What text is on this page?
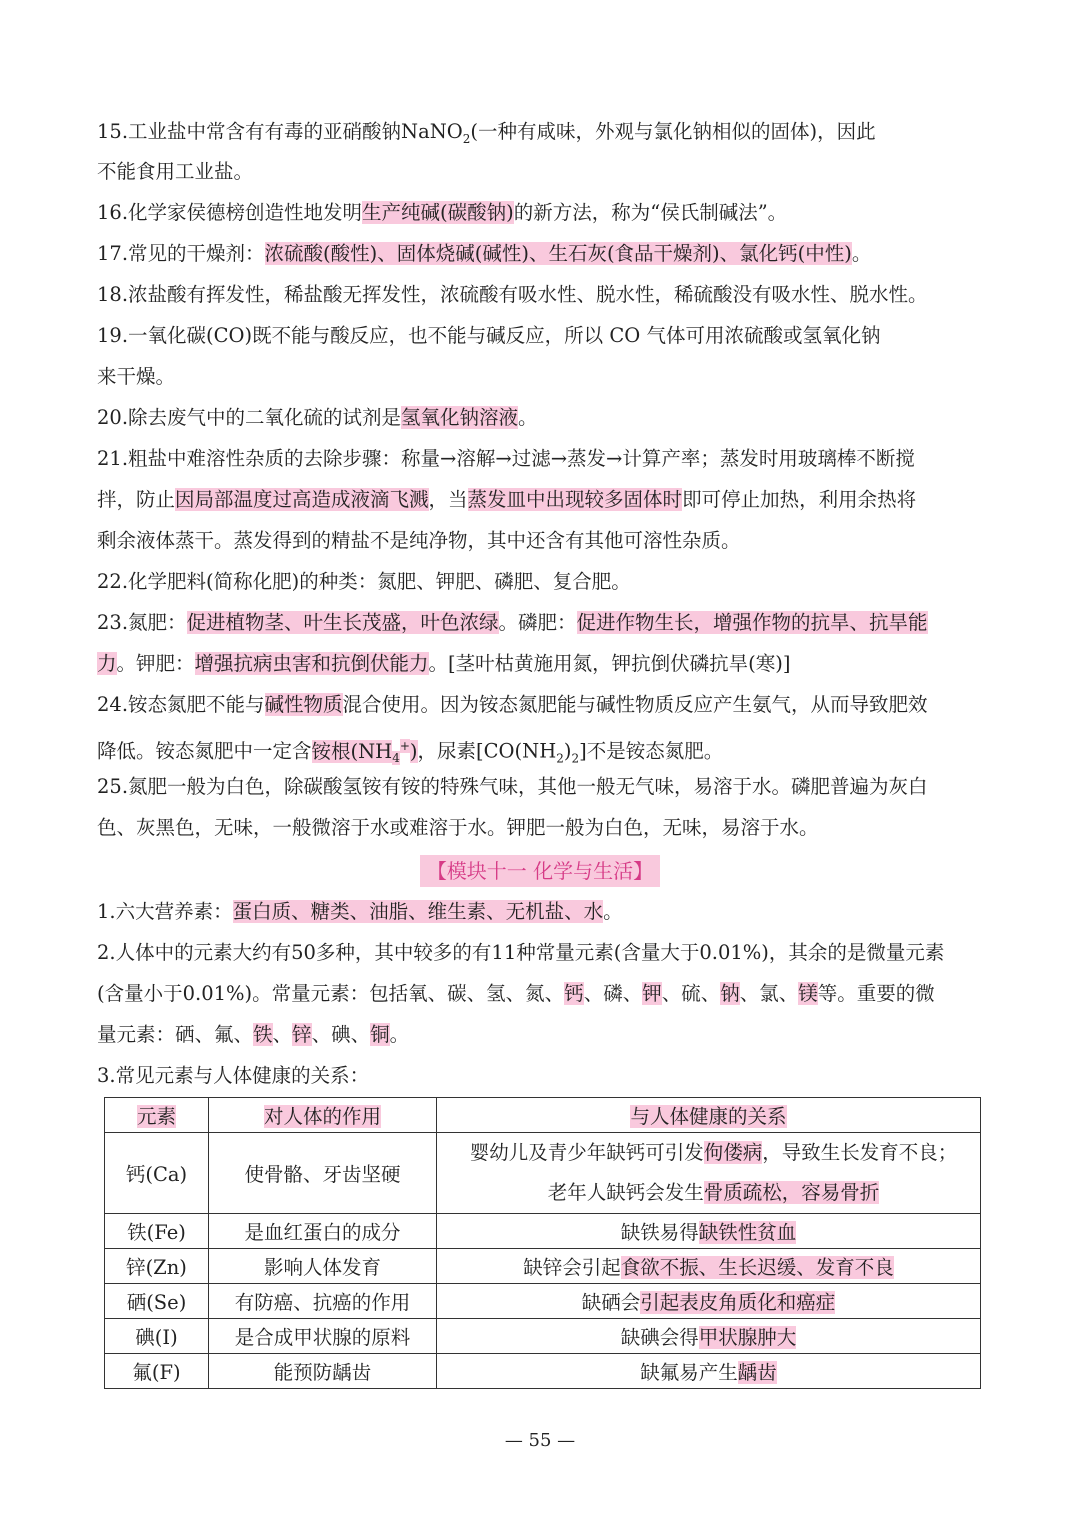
15.工业盐中常含有有毒的亚硝酸钠NaNO$_2$(一种有咸味，外观与氯化钠相似的固体)，因此
不能食用工业盐。
16.化学家侯德榜创造性地发明生产纯碱(碳酸钠)的新方法，称为“侯氏制碱法”。
17.常见的干燥剂：浓硫酸(酸性)、固体烧碱(碱性)、生石灰(食品干燥剂)、氯化钙(中性)。
18.浓盐酸有挥发性，稀盐酸无挥发性，浓硫酸有吸水性、脱水性，稀硫酸没有吸水性、脱水性。
19.一氧化碳(CO)既不能与酸反应，也不能与碱反应，所以 CO 气体可用浓硫酸或氢氧化钠
来干燥。
20.除去废气中的二氧化硫的试剂是氢氧化钠溶液。
21.粗盐中难溶性杂质的去除步骤：称量→溶解→过滤→蒸发→计算产率；蒸发时用玻璃棒不断搅
拌，防止因局部温度过高造成液滴飞溅，当蒸发皿中出现较多固体时即可停止加热，利用余热将
剩余液体蒸干。蒸发得到的精盐不是纯净物，其中还含有其他可溶性杂质。
22.化学肥料(简称化肥)的种类：氮肥、钾肥、磷肥、复合肥。
23.氮肥：促进植物茎、叶生长茂盛，叶色浓绿。磷肥：促进作物生长，增强作物的抗旱、抗旱能
力。钾肥：增强抗病虫害和抗倒伏能力。[茎叶枯黄施用氮，钾抗倒伏磷抗旱(寒)]
24.铵态氮肥不能与碱性物质混合使用。因为铵态氮肥能与碱性物质反应产生氨气，从而导致肥效
降低。铵态氮肥中一定含铵根$(NH_4^+)$，尿素$[CO(NH_2)_2]$不是铵态氮肥。
25.氮肥一般为白色，除碳酸氢铵有铵的特殊气味，其他一般无气味，易溶于水。磷肥普遍为灰白
色、灰黑色，无味，一般微溶于水或难溶于水。钾肥一般为白色，无味，易溶于水。
1.六大营养素：蛋白质、糖类、油脂、维生素、无机盐、水。
2.人体中的元素大约有50多种，其中较多的有11种常量元素(含量大于0.01%)，其余的是微量元素
(含量小于0.01%)。常量元素：包括氧、碳、氢、氮、钙、磷、钾、硫、钠、氯、镁等。重要的微
量元素：硒、氟、铁、锌、碘、铜。
3.常见元素与人体健康的关系：
【模块十一 化学与生活】
元素	对人体的作用	与人体健康的关系
钙(Ca)	使骨骼、牙齿坚硬	婴幼儿及青少年缺钙可引发佝偻病，导致生长发育不良；
老年人缺钙会发生骨质疏松，容易骨折

铁(Fe)	是血红蛋白的成分	缺铁易得缺铁性贫血
锌(Zn)	影响人体发育	缺锌会引起食欲不振、生长迟缓、发育不良
硒(Se)	有防癌、抗癌的作用	缺硒会引起表皮角质化和癌症
碘(I)	是合成甲状腺的原料	缺碘会得甲状腺肿大
氟(F)	能预防龋齿	缺氟易产生龋齿
— 55 —
